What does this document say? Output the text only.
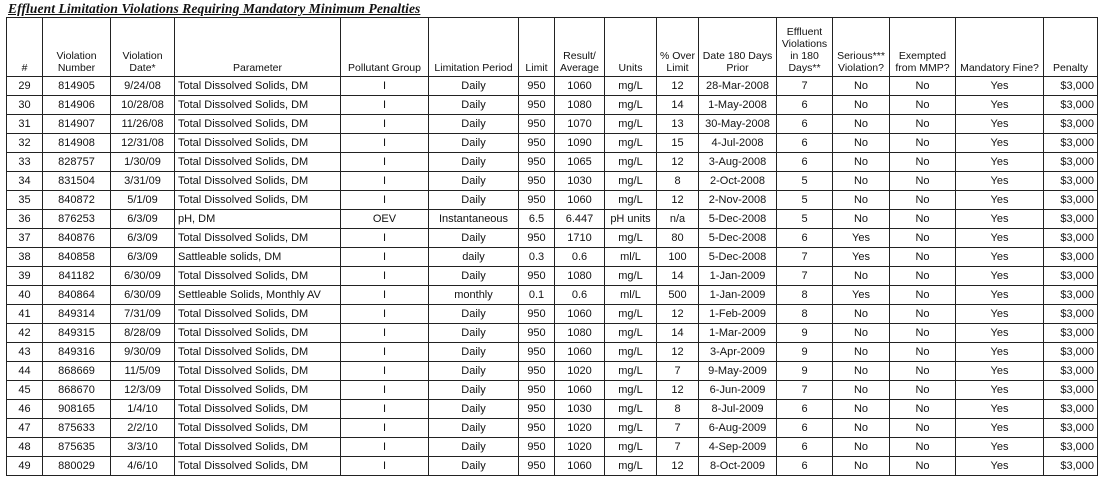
Effluent Limitation Violations Requiring Mandatory Minimum Penalties
#	Violation Number	Violation Date*	Parameter	Pollutant Group	Limitation Period	Limit	Result/ Average	Units	% Over Limit	Date 180 Days Prior	Effluent Violations in 180 Days**	Serious*** Violation?	Exempted from MMP?	Mandatory Fine?	Penalty
29	814905	9/24/08	Total Dissolved Solids, DM	I	Daily	950	1060	mg/L	12	28-Mar-2008	7	No	No	Yes	$3,000
30	814906	10/28/08	Total Dissolved Solids, DM	I	Daily	950	1080	mg/L	14	1-May-2008	6	No	No	Yes	$3,000
31	814907	11/26/08	Total Dissolved Solids, DM	I	Daily	950	1070	mg/L	13	30-May-2008	6	No	No	Yes	$3,000
32	814908	12/31/08	Total Dissolved Solids, DM	I	Daily	950	1090	mg/L	15	4-Jul-2008	6	No	No	Yes	$3,000
33	828757	1/30/09	Total Dissolved Solids, DM	I	Daily	950	1065	mg/L	12	3-Aug-2008	6	No	No	Yes	$3,000
34	831504	3/31/09	Total Dissolved Solids, DM	I	Daily	950	1030	mg/L	8	2-Oct-2008	5	No	No	Yes	$3,000
35	840872	5/1/09	Total Dissolved Solids, DM	I	Daily	950	1060	mg/L	12	2-Nov-2008	5	No	No	Yes	$3,000
36	876253	6/3/09	pH, DM	OEV	Instantaneous	6.5	6.447	pH units	n/a	5-Dec-2008	5	No	No	Yes	$3,000
37	840876	6/3/09	Total Dissolved Solids, DM	I	Daily	950	1710	mg/L	80	5-Dec-2008	6	Yes	No	Yes	$3,000
38	840858	6/3/09	Sattleable solids, DM	I	daily	0.3	0.6	ml/L	100	5-Dec-2008	7	Yes	No	Yes	$3,000
39	841182	6/30/09	Total Dissolved Solids, DM	I	Daily	950	1080	mg/L	14	1-Jan-2009	7	No	No	Yes	$3,000
40	840864	6/30/09	Settleable Solids, Monthly AV	I	monthly	0.1	0.6	ml/L	500	1-Jan-2009	8	Yes	No	Yes	$3,000
41	849314	7/31/09	Total Dissolved Solids, DM	I	Daily	950	1060	mg/L	12	1-Feb-2009	8	No	No	Yes	$3,000
42	849315	8/28/09	Total Dissolved Solids, DM	I	Daily	950	1080	mg/L	14	1-Mar-2009	9	No	No	Yes	$3,000
43	849316	9/30/09	Total Dissolved Solids, DM	I	Daily	950	1060	mg/L	12	3-Apr-2009	9	No	No	Yes	$3,000
44	868669	11/5/09	Total Dissolved Solids, DM	I	Daily	950	1020	mg/L	7	9-May-2009	9	No	No	Yes	$3,000
45	868670	12/3/09	Total Dissolved Solids, DM	I	Daily	950	1060	mg/L	12	6-Jun-2009	7	No	No	Yes	$3,000
46	908165	1/4/10	Total Dissolved Solids, DM	I	Daily	950	1030	mg/L	8	8-Jul-2009	6	No	No	Yes	$3,000
47	875633	2/2/10	Total Dissolved Solids, DM	I	Daily	950	1020	mg/L	7	6-Aug-2009	6	No	No	Yes	$3,000
48	875635	3/3/10	Total Dissolved Solids, DM	I	Daily	950	1020	mg/L	7	4-Sep-2009	6	No	No	Yes	$3,000
49	880029	4/6/10	Total Dissolved Solids, DM	I	Daily	950	1060	mg/L	12	8-Oct-2009	6	No	No	Yes	$3,000
